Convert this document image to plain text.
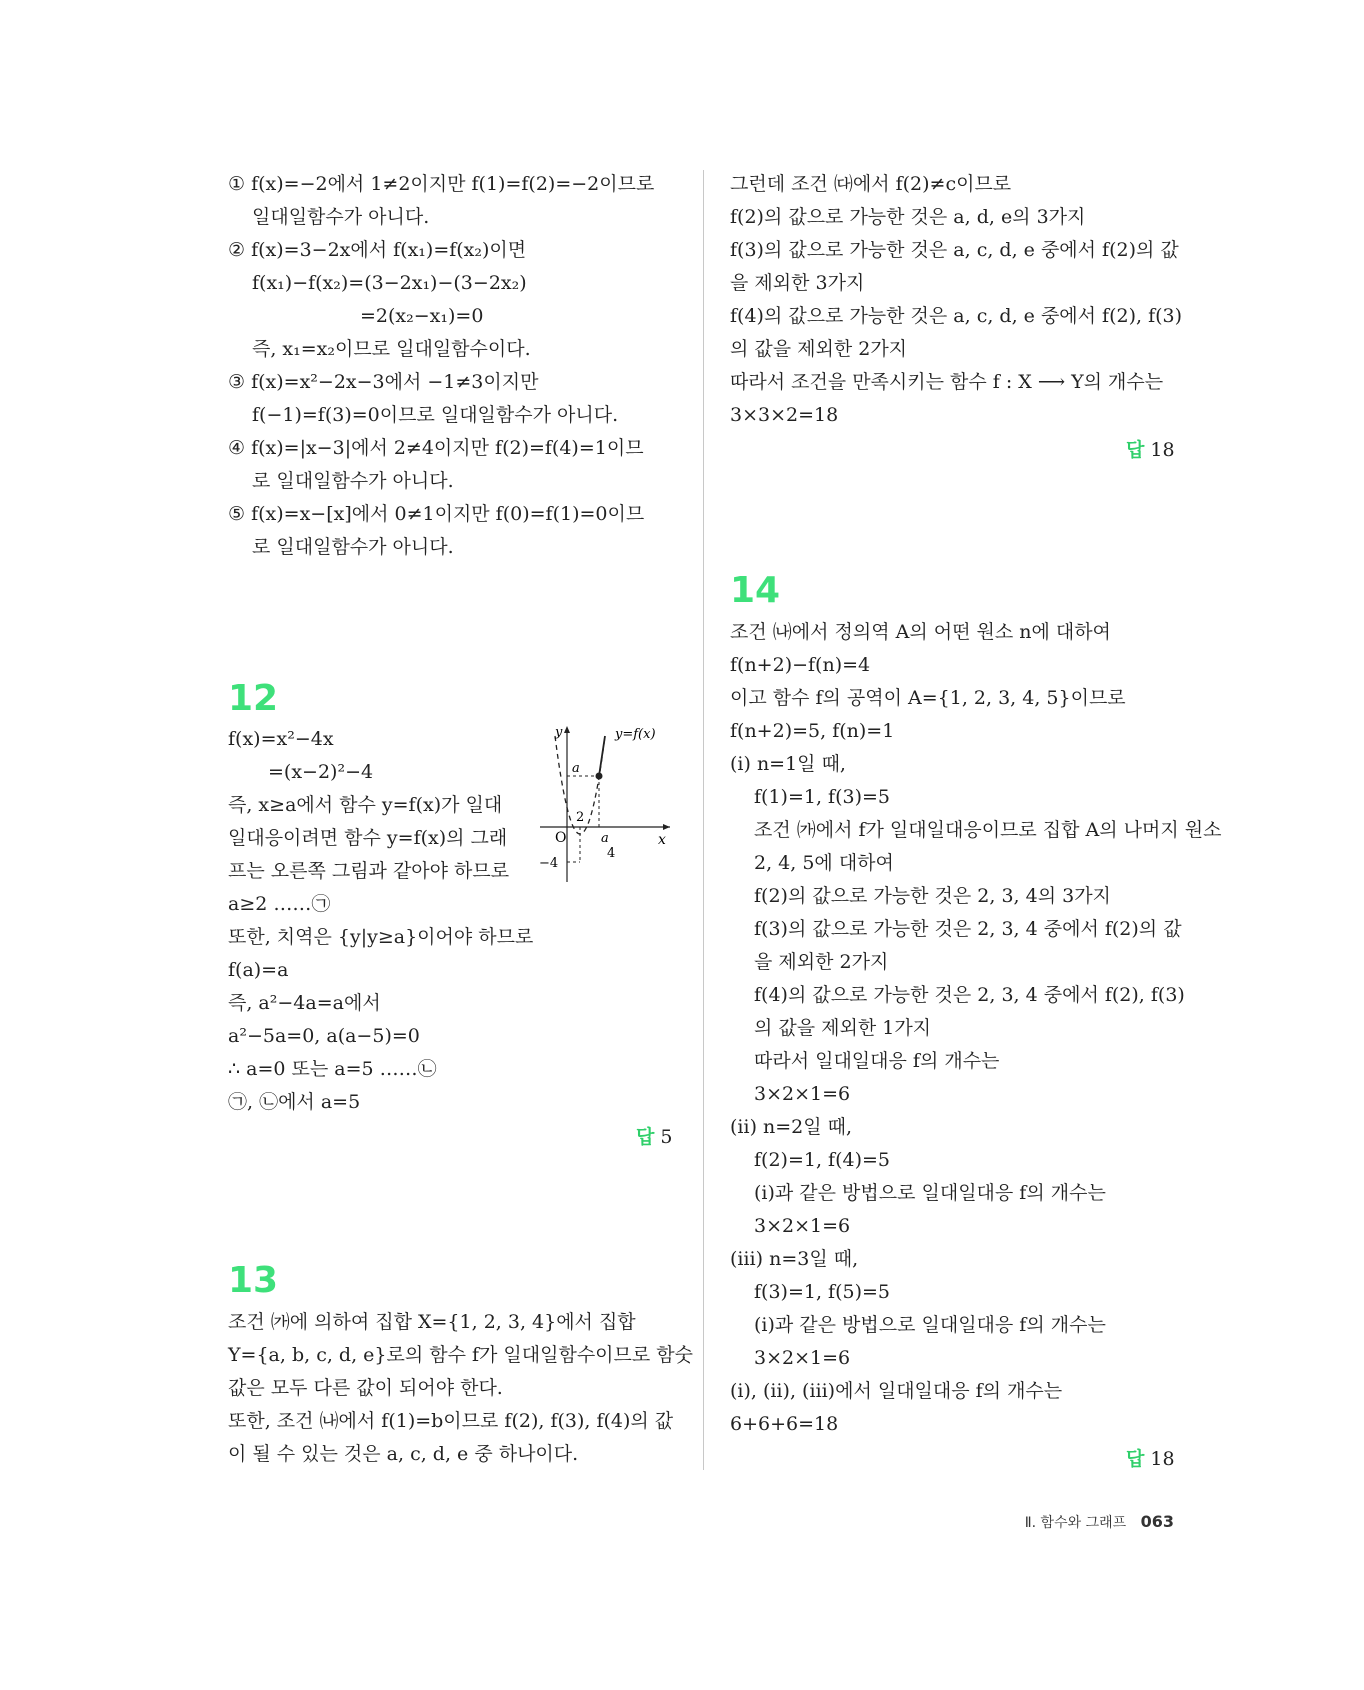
① f(x)=−2에서 1≠2이지만 f(1)=f(2)=−2이므로
일대일함수가 아니다.
② f(x)=3−2x에서 f(x₁)=f(x₂)이면
f(x₁)−f(x₂)=(3−2x₁)−(3−2x₂)
=2(x₂−x₁)=0
즉, x₁=x₂이므로 일대일함수이다.
③ f(x)=x²−2x−3에서 −1≠3이지만
f(−1)=f(3)=0이므로 일대일함수가 아니다.
④ f(x)=|x−3|에서 2≠4이지만 f(2)=f(4)=1이므
로 일대일함수가 아니다.
⑤ f(x)=x−[x]에서 0≠1이지만 f(0)=f(1)=0이므
로 일대일함수가 아니다.
12
f(x)=x²−4x
=(x−2)²−4
즉, x≥a에서 함수 y=f(x)가 일대
일대응이려면 함수 y=f(x)의 그래
프는 오른쪽 그림과 같아야 하므로
a≥2 ……㉠
또한, 치역은 {y|y≥a}이어야 하므로
f(a)=a
즉, a²−4a=a에서
a²−5a=0, a(a−5)=0
∴ a=0 또는 a=5 ……㉡
㉠, ㉡에서 a=5
답 5
y	y=f(x)
a
2
O	a	x
4
−4
13
조건 ㈎에 의하여 집합 X={1, 2, 3, 4}에서 집합
Y={a, b, c, d, e}로의 함수 f가 일대일함수이므로 함숫
값은 모두 다른 값이 되어야 한다.
또한, 조건 ㈏에서 f(1)=b이므로 f(2), f(3), f(4)의 값
이 될 수 있는 것은 a, c, d, e 중 하나이다.
그런데 조건 ㈐에서 f(2)≠c이므로
f(2)의 값으로 가능한 것은 a, d, e의 3가지
f(3)의 값으로 가능한 것은 a, c, d, e 중에서 f(2)의 값
을 제외한 3가지
f(4)의 값으로 가능한 것은 a, c, d, e 중에서 f(2), f(3)
의 값을 제외한 2가지
따라서 조건을 만족시키는 함수 f : X ⟶ Y의 개수는
3×3×2=18
답 18
14
조건 ㈏에서 정의역 A의 어떤 원소 n에 대하여
f(n+2)−f(n)=4
이고 함수 f의 공역이 A={1, 2, 3, 4, 5}이므로
f(n+2)=5, f(n)=1
(ⅰ) n=1일 때,
f(1)=1, f(3)=5
조건 ㈎에서 f가 일대일대응이므로 집합 A의 나머지 원소
2, 4, 5에 대하여
f(2)의 값으로 가능한 것은 2, 3, 4의 3가지
f(3)의 값으로 가능한 것은 2, 3, 4 중에서 f(2)의 값
을 제외한 2가지
f(4)의 값으로 가능한 것은 2, 3, 4 중에서 f(2), f(3)
의 값을 제외한 1가지
따라서 일대일대응 f의 개수는
3×2×1=6
(ⅱ) n=2일 때,
f(2)=1, f(4)=5
(ⅰ)과 같은 방법으로 일대일대응 f의 개수는
3×2×1=6
(ⅲ) n=3일 때,
f(3)=1, f(5)=5
(ⅰ)과 같은 방법으로 일대일대응 f의 개수는
3×2×1=6
(ⅰ), (ⅱ), (ⅲ)에서 일대일대응 f의 개수는
6+6+6=18
답 18
Ⅱ. 함수와 그래프 063
